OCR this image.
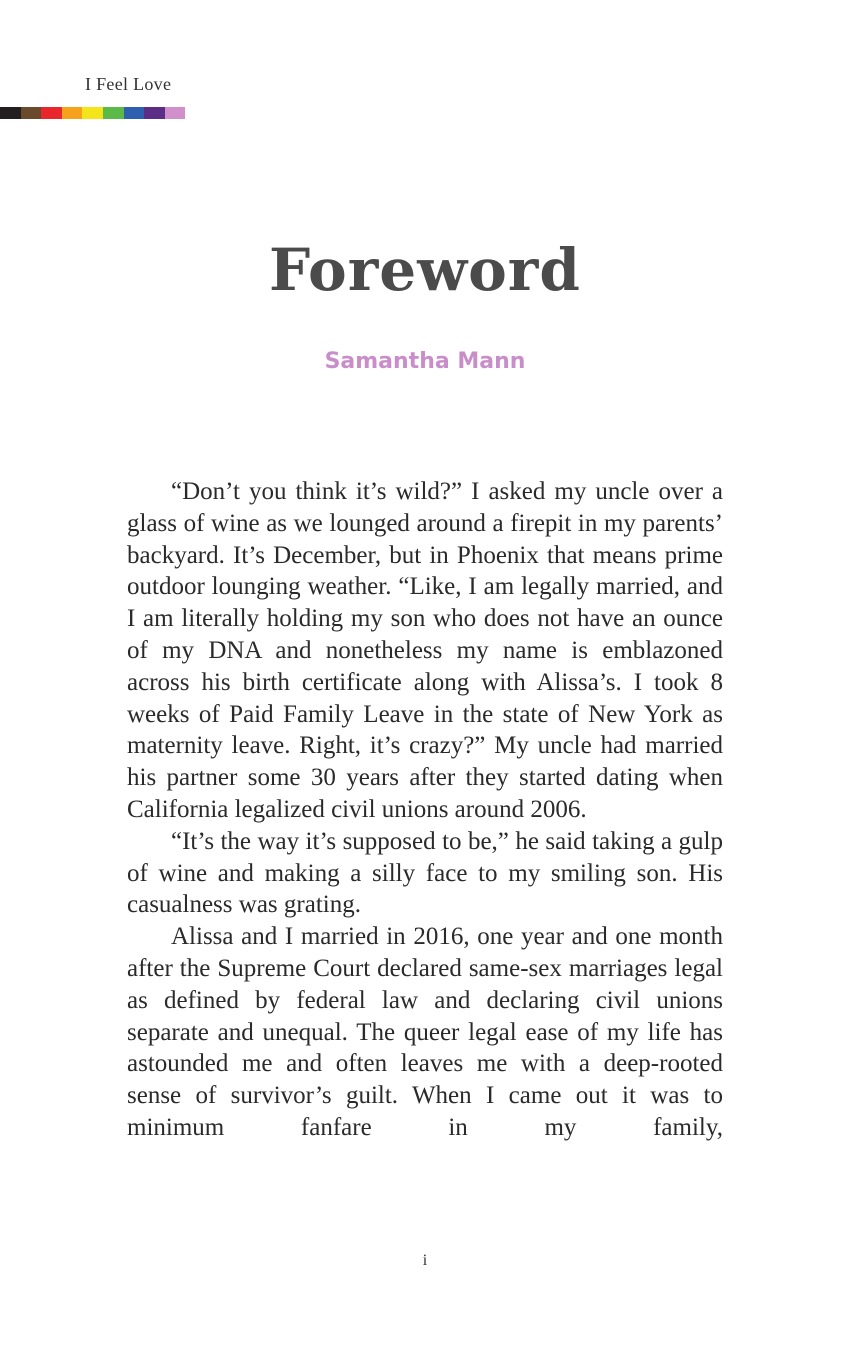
I Feel Love
Foreword
Samantha Mann

“Don’t you think it’s wild?” I asked my uncle over a glass of wine as we lounged around a firepit in my parents’ backyard. It’s December, but in Phoenix that means prime outdoor lounging weather. “Like, I am legally married, and I am literally holding my son who does not have an ounce of my DNA and nonetheless my name is emblazoned across his birth certificate along with Alissa’s. I took 8 weeks of Paid Family Leave in the state of New York as maternity leave. Right, it’s crazy?” My uncle had married his partner some 30 years after they started dating when California legalized civil unions around 2006.

“It’s the way it’s supposed to be,” he said taking a gulp of wine and making a silly face to my smiling son. His casualness was grating.

Alissa and I married in 2016, one year and one month after the Supreme Court declared same-sex marriages legal as defined by federal law and declaring civil unions separate and unequal. The queer legal ease of my life has astounded me and often leaves me with a deep-rooted sense of survivor’s guilt. When I came out it was to minimum fanfare in my family,

i
